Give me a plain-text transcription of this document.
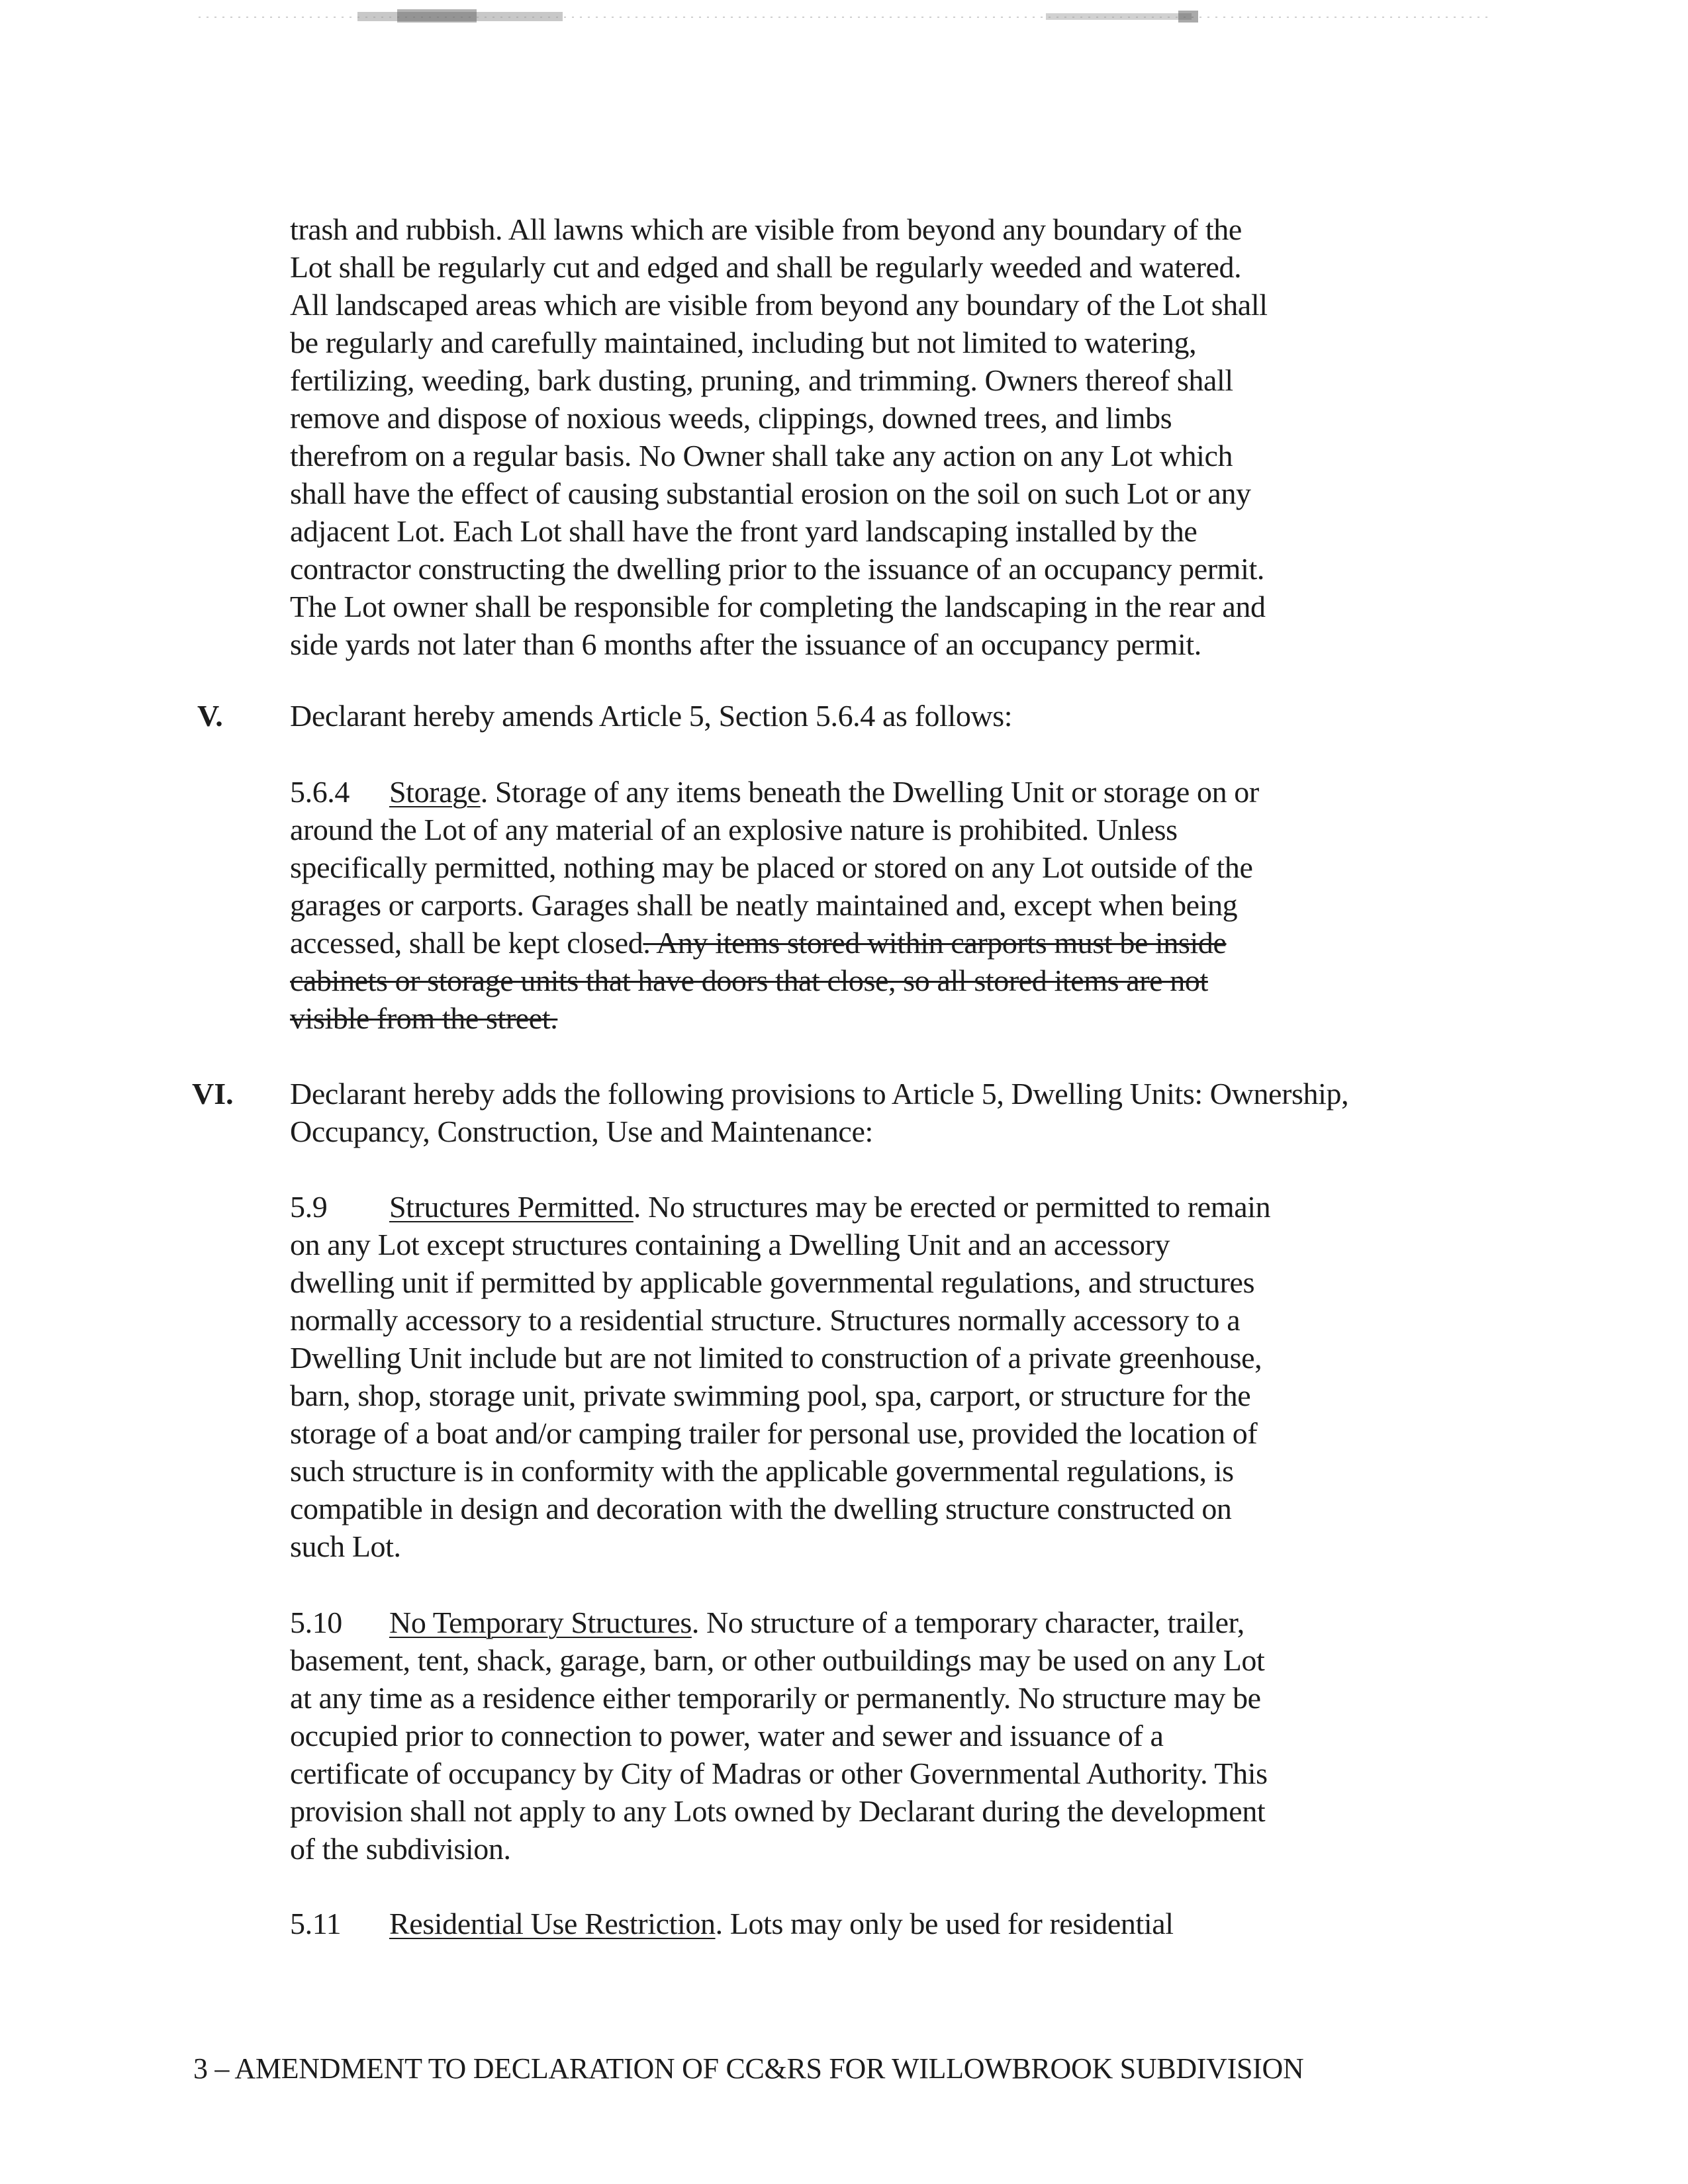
trash and rubbish. All lawns which are visible from beyond any boundary of the
Lot shall be regularly cut and edged and shall be regularly weeded and watered.
All landscaped areas which are visible from beyond any boundary of the Lot shall
be regularly and carefully maintained, including but not limited to watering,
fertilizing, weeding, bark dusting, pruning, and trimming. Owners thereof shall
remove and dispose of noxious weeds, clippings, downed trees, and limbs
therefrom on a regular basis. No Owner shall take any action on any Lot which
shall have the effect of causing substantial erosion on the soil on such Lot or any
adjacent Lot. Each Lot shall have the front yard landscaping installed by the
contractor constructing the dwelling prior to the issuance of an occupancy permit.
The Lot owner shall be responsible for completing the landscaping in the rear and
side yards not later than 6 months after the issuance of an occupancy permit.
V. Declarant hereby amends Article 5, Section 5.6.4 as follows:
5.6.4 Storage. Storage of any items beneath the Dwelling Unit or storage on or
around the Lot of any material of an explosive nature is prohibited. Unless
specifically permitted, nothing may be placed or stored on any Lot outside of the
garages or carports. Garages shall be neatly maintained and, except when being
accessed, shall be kept closed. Any items stored within carports must be inside
cabinets or storage units that have doors that close, so all stored items are not
visible from the street.
VI. Declarant hereby adds the following provisions to Article 5, Dwelling Units: Ownership,
Occupancy, Construction, Use and Maintenance:
5.9 Structures Permitted. No structures may be erected or permitted to remain
on any Lot except structures containing a Dwelling Unit and an accessory
dwelling unit if permitted by applicable governmental regulations, and structures
normally accessory to a residential structure. Structures normally accessory to a
Dwelling Unit include but are not limited to construction of a private greenhouse,
barn, shop, storage unit, private swimming pool, spa, carport, or structure for the
storage of a boat and/or camping trailer for personal use, provided the location of
such structure is in conformity with the applicable governmental regulations, is
compatible in design and decoration with the dwelling structure constructed on
such Lot.
5.10 No Temporary Structures. No structure of a temporary character, trailer,
basement, tent, shack, garage, barn, or other outbuildings may be used on any Lot
at any time as a residence either temporarily or permanently. No structure may be
occupied prior to connection to power, water and sewer and issuance of a
certificate of occupancy by City of Madras or other Governmental Authority. This
provision shall not apply to any Lots owned by Declarant during the development
of the subdivision.
5.11 Residential Use Restriction. Lots may only be used for residential
3 – AMENDMENT TO DECLARATION OF CC&RS FOR WILLOWBROOK SUBDIVISION
